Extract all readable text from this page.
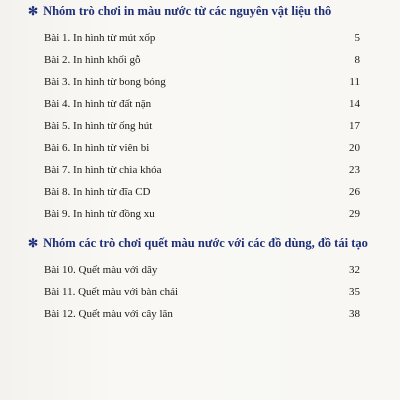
✻ Nhóm trò chơi in màu nước từ các nguyên vật liệu thô
Bài 1. In hình từ mút xốp	5
Bài 2. In hình khối gỗ	8
Bài 3. In hình từ bong bóng	11
Bài 4. In hình từ đất nặn	14
Bài 5. In hình từ ống hút	17
Bài 6. In hình từ viên bi	20
Bài 7. In hình từ chìa khóa	23
Bài 8. In hình từ đĩa CD	26
Bài 9. In hình từ đồng xu	29
✻ Nhóm các trò chơi quết màu nước với các đồ dùng, đồ tái tạo
Bài 10. Quết màu với dây	32
Bài 11. Quết màu với bàn chải	35
Bài 12. Quết màu với cây lăn	38
